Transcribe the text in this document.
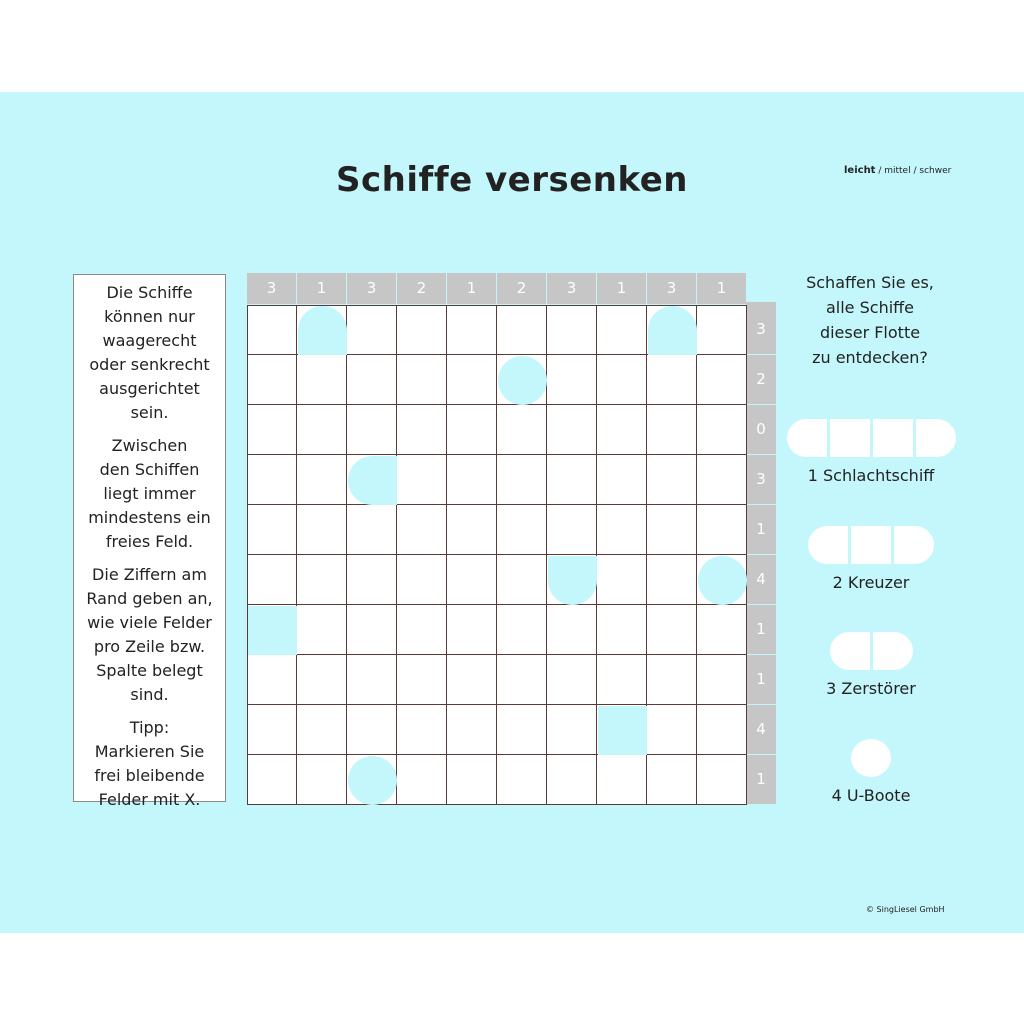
Schiffe versenken	leicht / mittel / schwer

Die Schiffe
können nur
waagerecht
oder senkrecht
ausgerichtet
sein.

Zwischen
den Schiffen
liegt immer
mindestens ein
freies Feld.

Die Ziffern am
Rand geben an,
wie viele Felder
pro Zeile bzw.
Spalte belegt
sind.

Tipp:
Markieren Sie
frei bleibende
Felder mit X.

3	1	3	2	1	2	3	1	3	1
3
2
0
3
1
4
1
1
4
1
Schaffen Sie es,
alle Schiffe
dieser Flotte
zu entdecken?
1 Schlachtschiff
2 Kreuzer
3 Zerstörer
4 U-Boote
© SingLiesel GmbH
